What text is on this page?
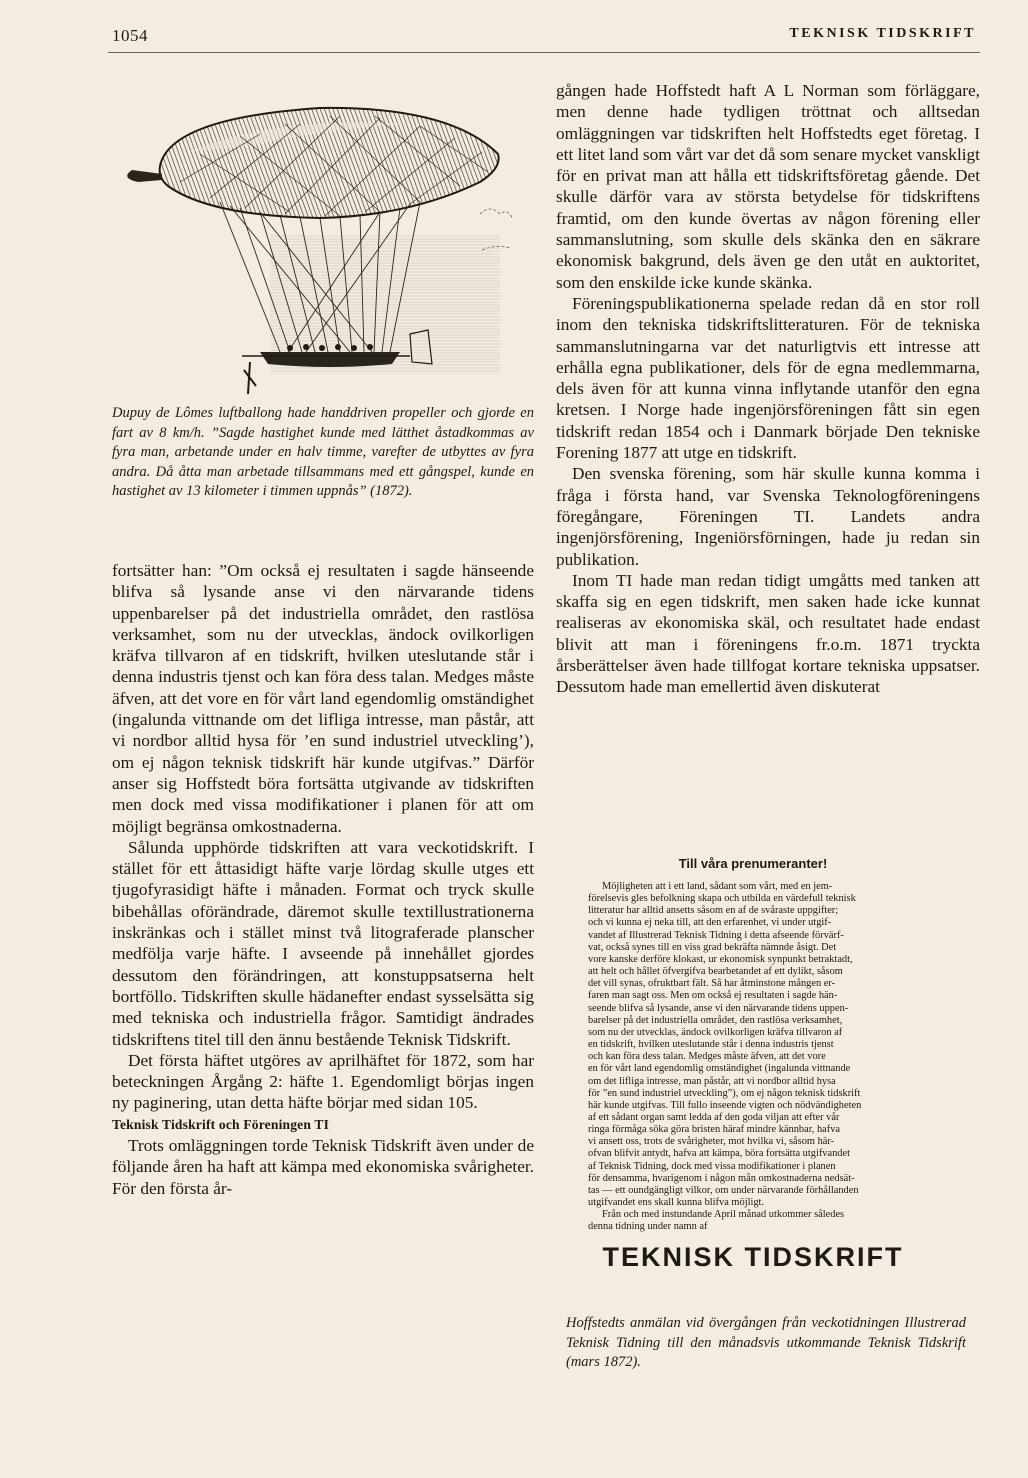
1054	TEKNISK TIDSKRIFT

Dupuy de Lômes luftballong hade handdriven propeller och gjorde en fart av 8 km/h. ”Sagde hastighet kunde med lätthet åstadkommas av fyra man, arbetande under en halv timme, varefter de utbyttes av fyra andra. Då åtta man arbetade tillsammans med ett gångspel, kunde en hastighet av 13 kilometer i timmen uppnås” (1872).

fortsätter han: ”Om också ej resultaten i sagde hänseende blifva så lysande anse vi den närvarande tidens uppenbarelser på det industriella området, den rastlösa verksamhet, som nu der utvecklas, ändock ovilkorligen kräfva tillvaron af en tidskrift, hvilken uteslutande står i denna industris tjenst och kan föra dess talan. Medges måste äfven, att det vore en för vårt land egendomlig omständighet (ingalunda vittnande om det lifliga intresse, man påstår, att vi nordbor alltid hysa för ’en sund industriel utveckling’), om ej någon teknisk tidskrift här kunde utgifvas.” Därför anser sig Hoffstedt böra fortsätta utgivande av tidskriften men dock med vissa modifikationer i planen för att om möjligt begränsa omkostnaderna.

Sålunda upphörde tidskriften att vara veckotidskrift. I stället för ett åttasidigt häfte varje lördag skulle utges ett tjugofyrasidigt häfte i månaden. Format och tryck skulle bibehållas oförändrade, däremot skulle textillustrationerna inskränkas och i stället minst två litograferade planscher medfölja varje häfte. I avseende på innehållet gjordes dessutom den förändringen, att konstuppsatserna helt bortföllo. Tidskriften skulle hädanefter endast sysselsätta sig med tekniska och industriella frågor. Samtidigt ändrades tidskriftens titel till den ännu bestående Teknisk Tidskrift.

Det första häftet utgöres av aprilhäftet för 1872, som har beteckningen Årgång 2: häfte 1. Egendomligt börjas ingen ny paginering, utan detta häfte börjar med sidan 105.

Teknisk Tidskrift och Föreningen TI

Trots omläggningen torde Teknisk Tidskrift även under de följande åren ha haft att kämpa med ekonomiska svårigheter. För den första år-

gången hade Hoffstedt haft A L Norman som förläggare, men denne hade tydligen tröttnat och alltsedan omläggningen var tidskriften helt Hoffstedts eget företag. I ett litet land som vårt var det då som senare mycket vanskligt för en privat man att hålla ett tidskriftsföretag gående. Det skulle därför vara av största betydelse för tidskriftens framtid, om den kunde övertas av någon förening eller sammanslutning, som skulle dels skänka den en säkrare ekonomisk bakgrund, dels även ge den utåt en auktoritet, som den enskilde icke kunde skänka.

Föreningspublikationerna spelade redan då en stor roll inom den tekniska tidskriftslitteraturen. För de tekniska sammanslutningarna var det naturligtvis ett intresse att erhålla egna publikationer, dels för de egna medlemmarna, dels även för att kunna vinna inflytande utanför den egna kretsen. I Norge hade ingenjörsföreningen fått sin egen tidskrift redan 1854 och i Danmark började Den tekniske Forening 1877 att utge en tidskrift.

Den svenska förening, som här skulle kunna komma i fråga i första hand, var Svenska Teknologföreningens föregångare, Föreningen TI. Landets andra ingenjörsförening, Ingeniörsförningen, hade ju redan sin publikation.

Inom TI hade man redan tidigt umgåtts med tanken att skaffa sig en egen tidskrift, men saken hade icke kunnat realiseras av ekonomiska skäl, och resultatet hade endast blivit att man i föreningens fr.o.m. 1871 tryckta årsberättelser även hade tillfogat kortare tekniska uppsatser. Dessutom hade man emellertid även diskuterat

Till våra prenumeranter!
Möjligheten att i ett land, sådant som vårt, med en jem-
förelsevis gles befolkning skapa och utbilda en värdefull teknisk
litteratur har alltid ansetts såsom en af de svåraste uppgifter;
och vi kunna ej neka till, att den erfarenhet, vi under utgif-
vandet af Illustrerad Teknisk Tidning i detta afseende förvärf-
vat, också synes till en viss grad bekräfta nämnde åsigt. Det
vore kanske derföre klokast, ur ekonomisk synpunkt betraktadt,
att helt och hållet öfvergifva bearbetandet af ett dylikt, såsom
det vill synas, ofruktbart fält. Så har åtminstone mången er-
faren man sagt oss. Men om också ej resultaten i sagde hän-
seende blifva så lysande, anse vi den närvarande tidens uppen-
barelser på det industriella området, den rastlösa verksamhet,
som nu der utvecklas, ändock ovilkorligen kräfva tillvaron af
en tidskrift, hvilken uteslutande står i denna industris tjenst
och kan föra dess talan. Medges måste äfven, att det vore
en för vårt land egendomlig omständighet (ingalunda vittnande
om det lifliga intresse, man påstår, att vi nordbor alltid hysa
för ”en sund industriel utveckling”), om ej någon teknisk tidskrift
här kunde utgifvas. Till fullo inseende vigten och nödvändigheten
af ett sådant organ samt ledda af den goda viljan att efter vår
ringa förmåga söka göra bristen häraf mindre kännbar, hafva
vi ansett oss, trots de svårigheter, mot hvilka vi, såsom här-
ofvan blifvit antydt, hafva att kämpa, böra fortsätta utgifvandet
af Teknisk Tidning, dock med vissa modifikationer i planen
för densamma, hvarigenom i någon mån omkostnaderna nedsät-
tas — ett oundgängligt vilkor, om under närvarande förhållanden
utgifvandet ens skall kunna blifva möjligt.
Från och med instundande April månad utkommer således
denna tidning under namn af
TEKNISK TIDSKRIFT

Hoffstedts anmälan vid övergången från veckotidningen Illustrerad Teknisk Tidning till den månadsvis utkommande Teknisk Tidskrift (mars 1872).
